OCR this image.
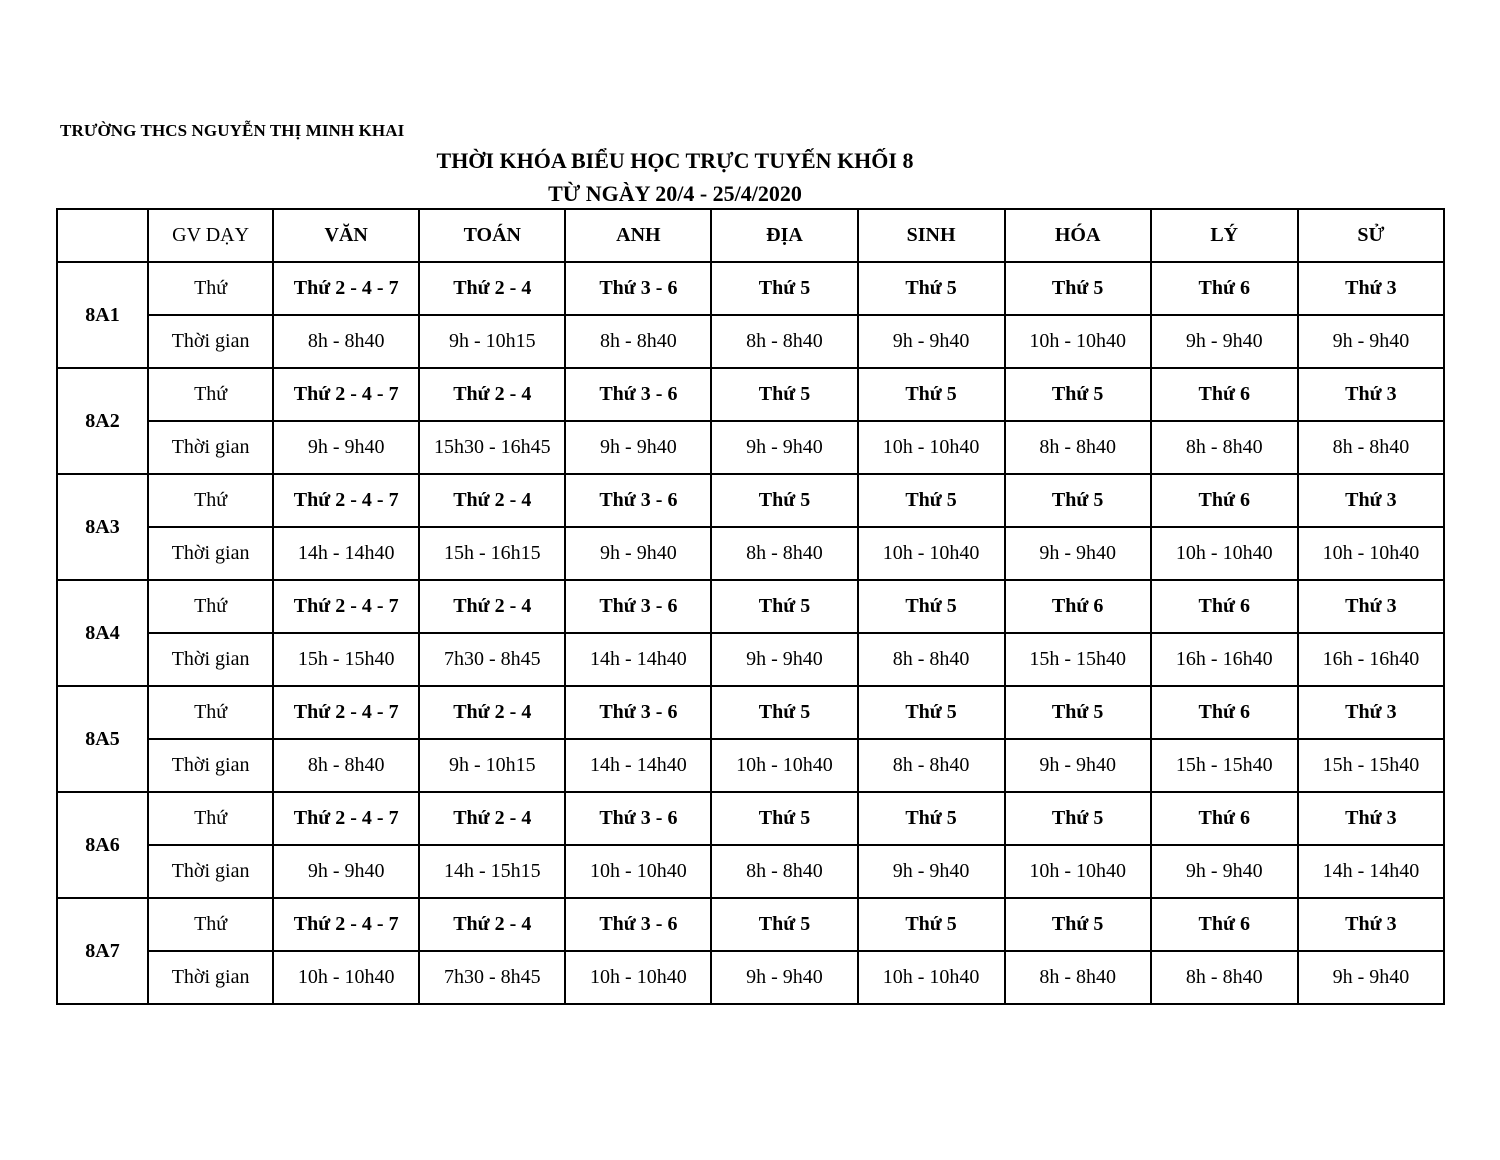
TRƯỜNG THCS NGUYỄN THỊ MINH KHAI
THỜI KHÓA BIỂU HỌC TRỰC TUYẾN KHỐI 8
TỪ NGÀY 20/4 - 25/4/2020
	GV DẠY	VĂN	TOÁN	ANH	ĐỊA	SINH	HÓA	LÝ	SỬ
8A1	Thứ	Thứ 2 - 4 - 7	Thứ 2 - 4	Thứ 3 - 6	Thứ 5	Thứ 5	Thứ 5	Thứ 6	Thứ 3
	Thời gian	8h - 8h40	9h - 10h15	8h - 8h40	8h - 8h40	9h - 9h40	10h - 10h40	9h - 9h40	9h - 9h40
8A2	Thứ	Thứ 2 - 4 - 7	Thứ 2 - 4	Thứ 3 - 6	Thứ 5	Thứ 5	Thứ 5	Thứ 6	Thứ 3
	Thời gian	9h - 9h40	15h30 - 16h45	9h - 9h40	9h - 9h40	10h - 10h40	8h - 8h40	8h - 8h40	8h - 8h40
8A3	Thứ	Thứ 2 - 4 - 7	Thứ 2 - 4	Thứ 3 - 6	Thứ 5	Thứ 5	Thứ 5	Thứ 6	Thứ 3
	Thời gian	14h - 14h40	15h - 16h15	9h - 9h40	8h - 8h40	10h - 10h40	9h - 9h40	10h - 10h40	10h - 10h40
8A4	Thứ	Thứ 2 - 4 - 7	Thứ 2 - 4	Thứ 3 - 6	Thứ 5	Thứ 5	Thứ 6	Thứ 6	Thứ 3
	Thời gian	15h - 15h40	7h30 - 8h45	14h - 14h40	9h - 9h40	8h - 8h40	15h - 15h40	16h - 16h40	16h - 16h40
8A5	Thứ	Thứ 2 - 4 - 7	Thứ 2 - 4	Thứ 3 - 6	Thứ 5	Thứ 5	Thứ 5	Thứ 6	Thứ 3
	Thời gian	8h - 8h40	9h - 10h15	14h - 14h40	10h - 10h40	8h - 8h40	9h - 9h40	15h - 15h40	15h - 15h40
8A6	Thứ	Thứ 2 - 4 - 7	Thứ 2 - 4	Thứ 3 - 6	Thứ 5	Thứ 5	Thứ 5	Thứ 6	Thứ 3
	Thời gian	9h - 9h40	14h - 15h15	10h - 10h40	8h - 8h40	9h - 9h40	10h - 10h40	9h - 9h40	14h - 14h40
8A7	Thứ	Thứ 2 - 4 - 7	Thứ 2 - 4	Thứ 3 - 6	Thứ 5	Thứ 5	Thứ 5	Thứ 6	Thứ 3
	Thời gian	10h - 10h40	7h30 - 8h45	10h - 10h40	9h - 9h40	10h - 10h40	8h - 8h40	8h - 8h40	9h - 9h40
